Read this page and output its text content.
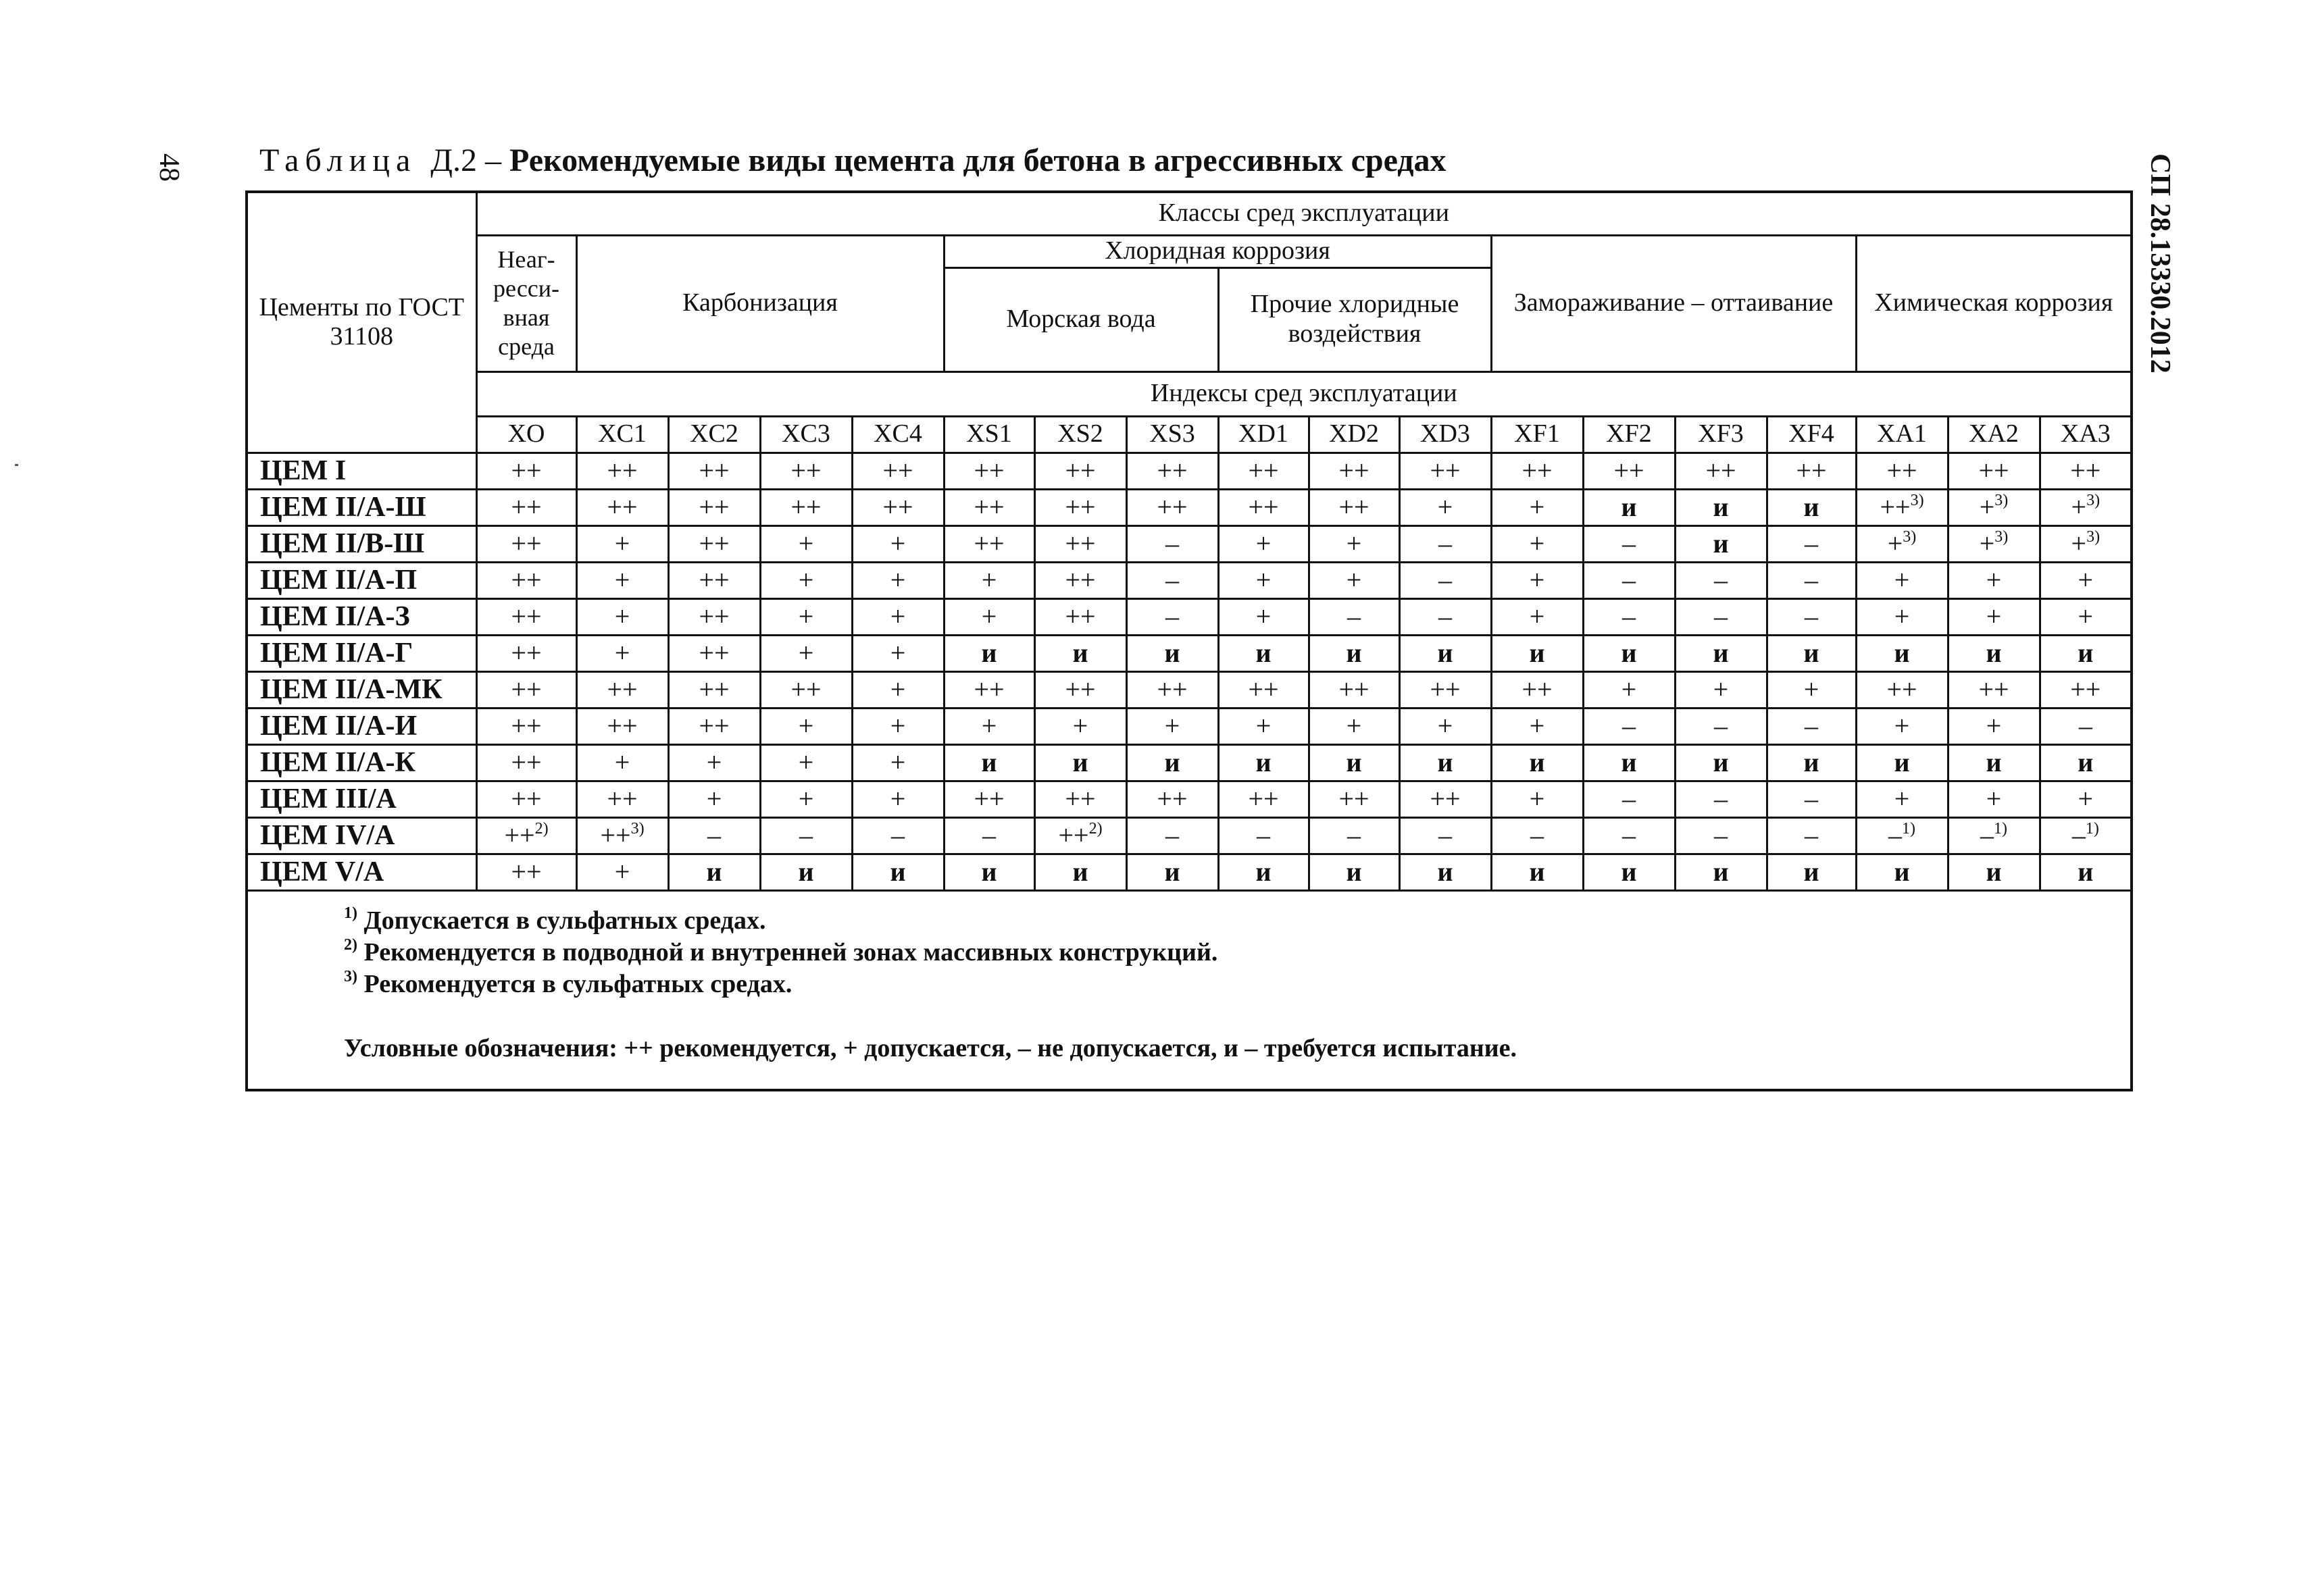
48	СП 28.13330.2012
Таблица Д.2 – Рекомендуемые виды цемента для бетона в агрессивных средах
Цементы по ГОСТ 31108	Классы сред эксплуатации																	
	Неаг-ресси-вная среда	Карбонизация				Хлоридная коррозия						Замораживание – оттаивание				Химическая коррозия		
						Морская вода			Прочие хлоридные воздействия									
	Индексы сред эксплуатации																	
	XO	XC1	XC2	XC3	XC4	XS1	XS2	XS3	XD1	XD2	XD3	XF1	XF2	XF3	XF4	XA1	XA2	XA3
ЦЕМ I	++	++	++	++	++	++	++	++	++	++	++	++	++	++	++	++	++	++
ЦЕМ II/А-Ш	++	++	++	++	++	++	++	++	++	++	+	+	и	и	и	++$^{3)}$	+$^{3)}$	+$^{3)}$
ЦЕМ II/В-Ш	++	+	++	+	+	++	++	–	+	+	–	+	–	и	–	+$^{3)}$	+$^{3)}$	+$^{3)}$
ЦЕМ II/А-П	++	+	++	+	+	+	++	–	+	+	–	+	–	–	–	+	+	+
ЦЕМ II/А-З	++	+	++	+	+	+	++	–	+	–	–	+	–	–	–	+	+	+
ЦЕМ II/А-Г	++	+	++	+	+	и	и	и	и	и	и	и	и	и	и	и	и	и
ЦЕМ II/А-МК	++	++	++	++	+	++	++	++	++	++	++	++	+	+	+	++	++	++
ЦЕМ II/А-И	++	++	++	+	+	+	+	+	+	+	+	+	–	–	–	+	+	–
ЦЕМ II/А-К	++	+	+	+	+	и	и	и	и	и	и	и	и	и	и	и	и	и
ЦЕМ III/А	++	++	+	+	+	++	++	++	++	++	++	+	–	–	–	+	+	+
ЦЕМ IV/А	++$^{2)}$	++$^{3)}$	–	–	–	–	++$^{2)}$	–	–	–	–	–	–	–	–	–$^{1)}$	–$^{1)}$	–$^{1)}$
ЦЕМ V/А	++	+	и	и	и	и	и	и	и	и	и	и	и	и	и	и	и	и

$^{1)}$ Допускается в сульфатных средах.
$^{2)}$ Рекомендуется в подводной и внутренней зонах массивных конструкций.
$^{3)}$ Рекомендуется в сульфатных средах.
Условные обозначения: ++ рекомендуется, + допускается, – не допускается, и – требуется испытание.																		
